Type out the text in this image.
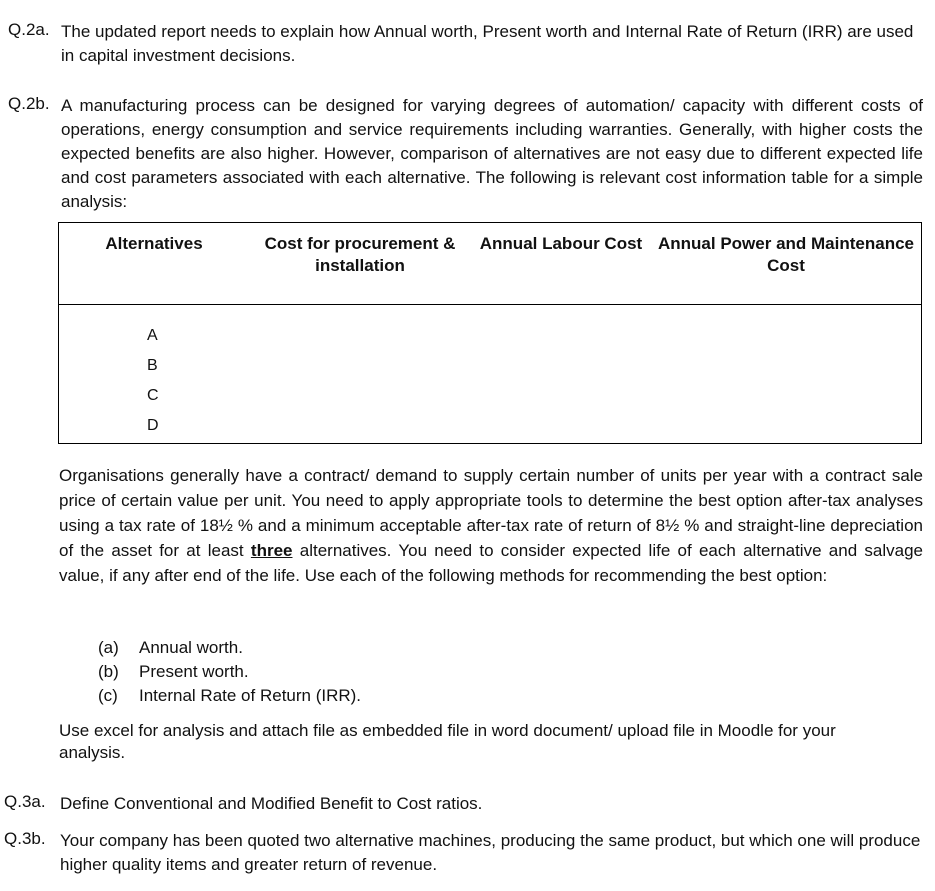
Q.2a. The updated report needs to explain how Annual worth, Present worth and Internal Rate of Return (IRR) are used in capital investment decisions.
Q.2b. A manufacturing process can be designed for varying degrees of automation/ capacity with different costs of operations, energy consumption and service requirements including warranties. Generally, with higher costs the expected benefits are also higher. However, comparison of alternatives are not easy due to different expected life and cost parameters associated with each alternative. The following is relevant cost information table for a simple analysis:
Alternatives	Cost for procurement & installation	Annual Labour Cost	Annual Power and Maintenance Cost

A
B
C
D
Organisations generally have a contract/ demand to supply certain number of units per year with a contract sale price of certain value per unit. You need to apply appropriate tools to determine the best option after-tax analyses using a tax rate of 18½ % and a minimum acceptable after-tax rate of return of 8½ % and straight-line depreciation of the asset for at least three alternatives. You need to consider expected life of each alternative and salvage value, if any after end of the life. Use each of the following methods for recommending the best option:
(a) Annual worth.
(b) Present worth.
(c) Internal Rate of Return (IRR).
Use excel for analysis and attach file as embedded file in word document/ upload file in Moodle for your analysis.
Q.3a. Define Conventional and Modified Benefit to Cost ratios.
Q.3b. Your company has been quoted two alternative machines, producing the same product, but which one will produce higher quality items and greater return of revenue.
